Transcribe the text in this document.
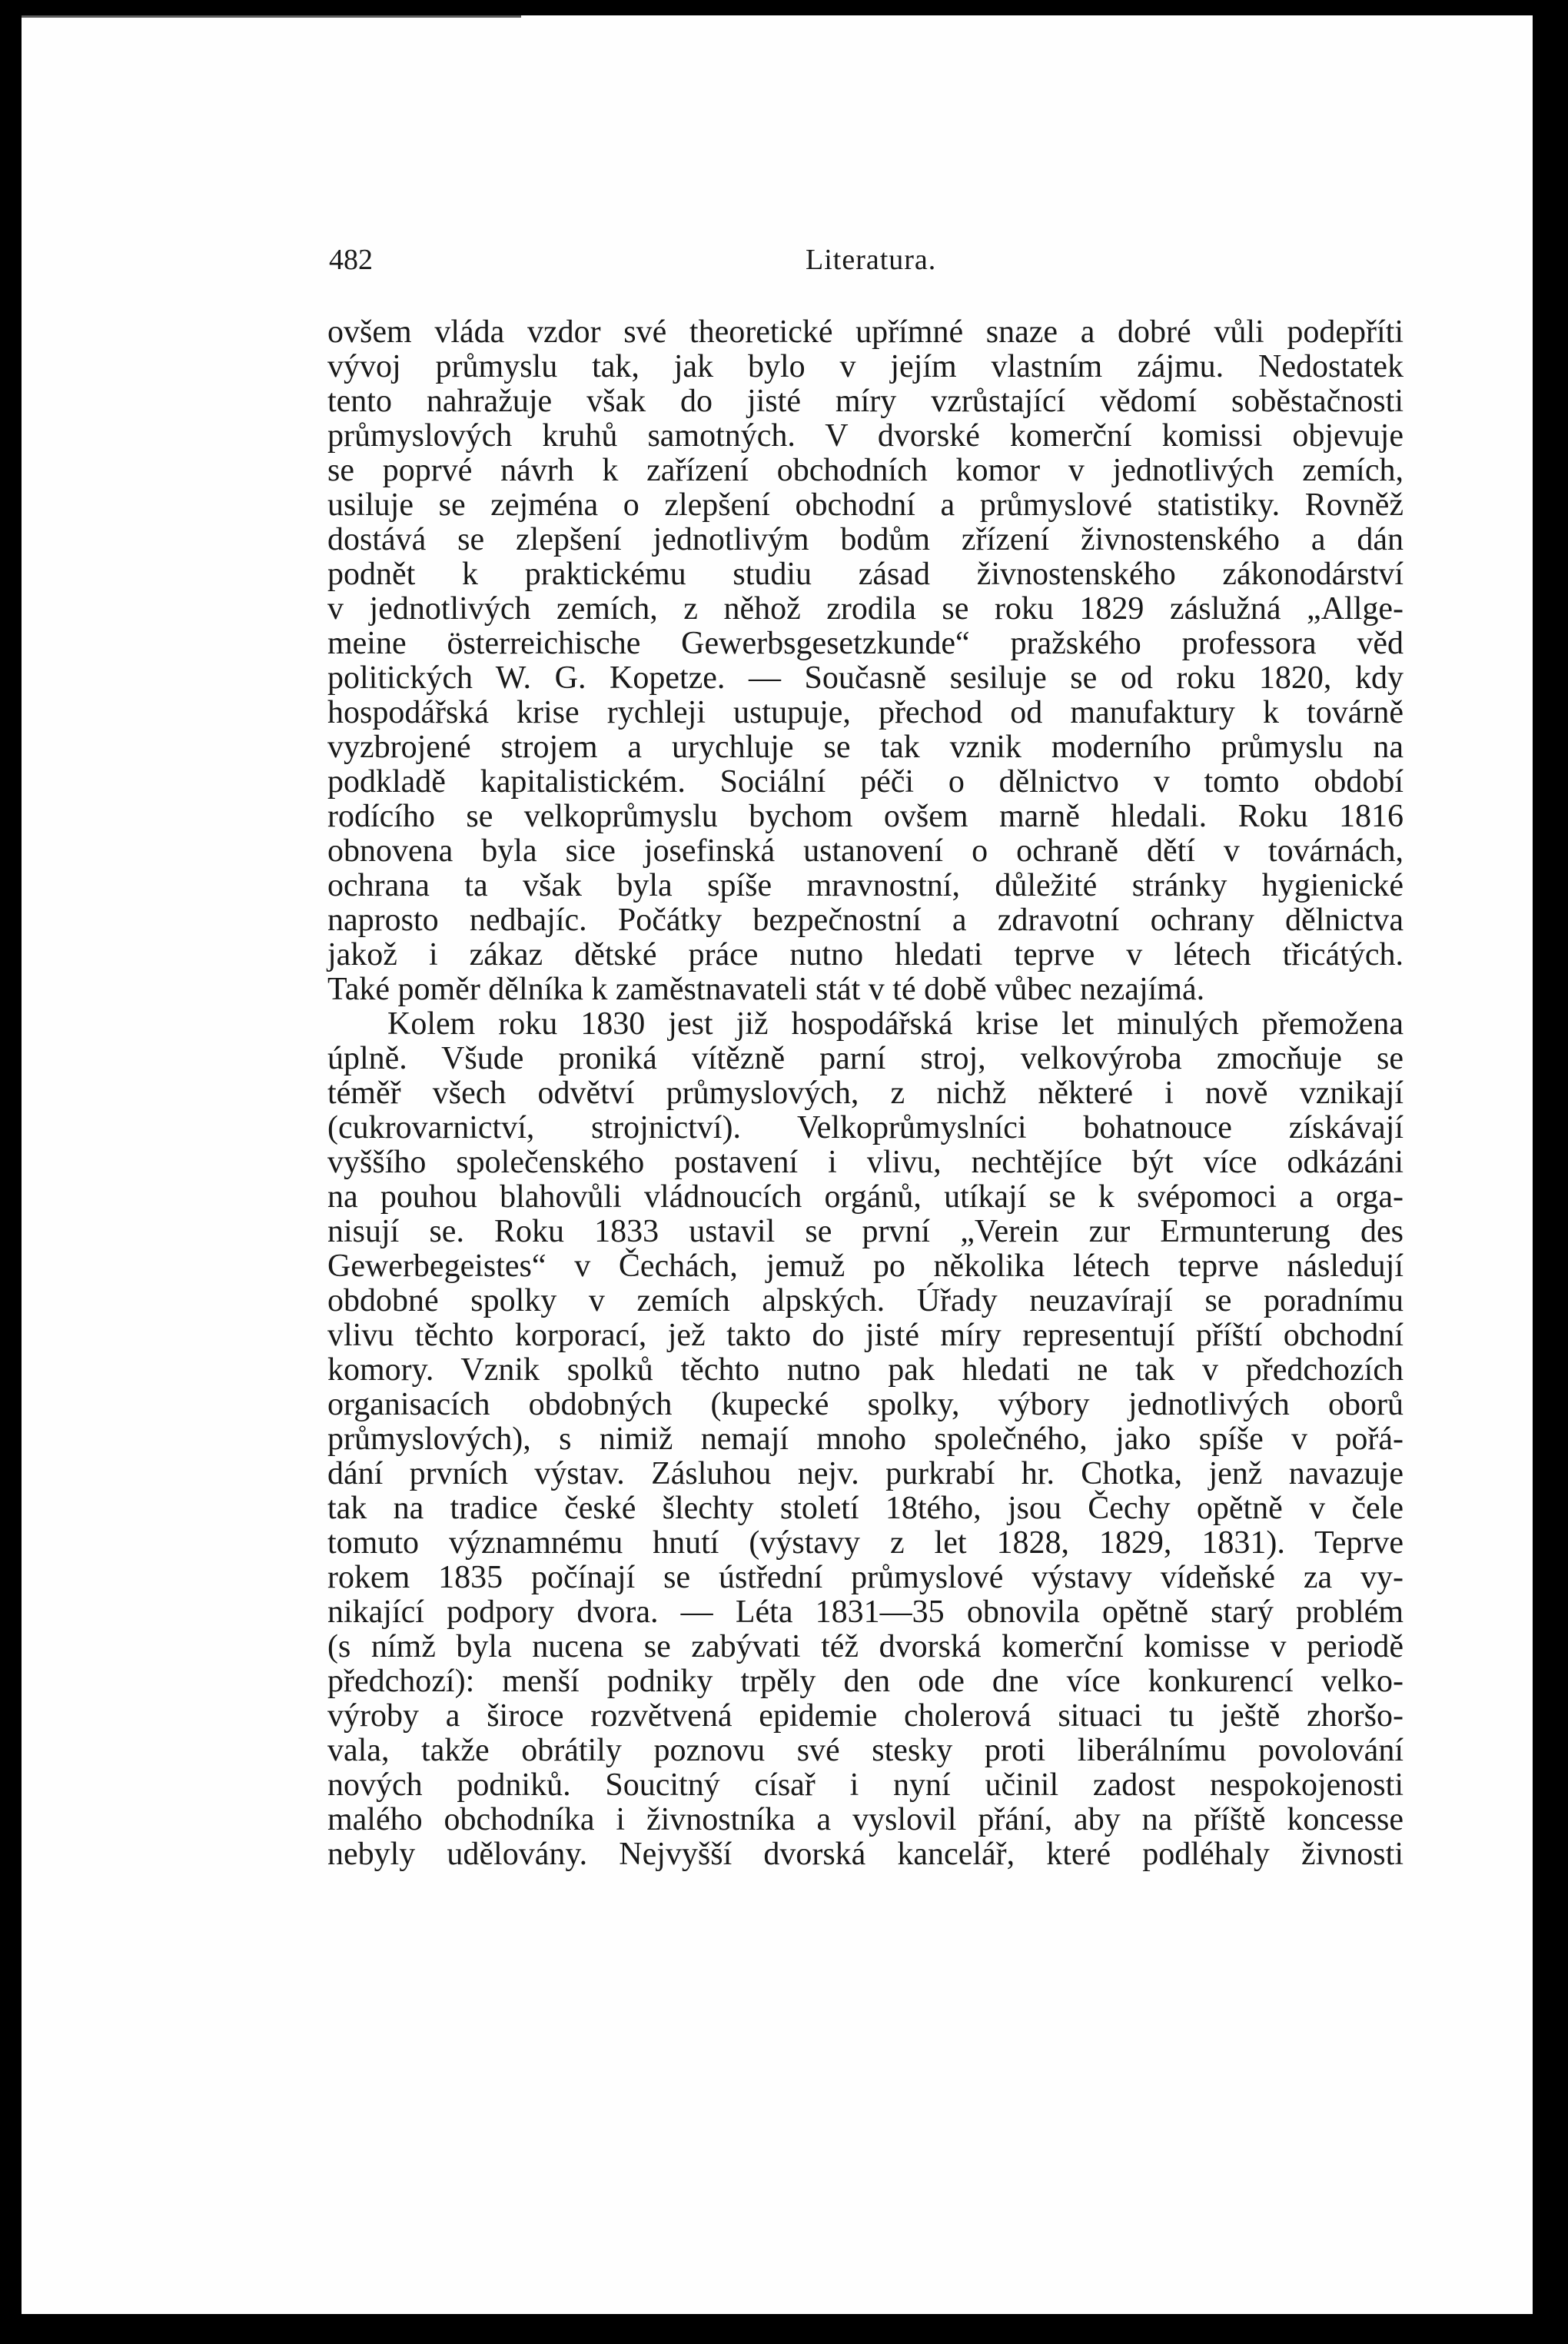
482	Literatura.
ovšem vláda vzdor své theoretické upřímné snaze a dobré vůli podepříti
vývoj průmyslu tak, jak bylo v jejím vlastním zájmu. Nedostatek
tento nahražuje však do jisté míry vzrůstající vědomí soběstačnosti
průmyslových kruhů samotných. V dvorské komerční komissi objevuje
se poprvé návrh k zařízení obchodních komor v jednotlivých zemích,
usiluje se zejména o zlepšení obchodní a průmyslové statistiky. Rovněž
dostává se zlepšení jednotlivým bodům zřízení živnostenského a dán
podnět k praktickému studiu zásad živnostenského zákonodárství
v jednotlivých zemích, z něhož zrodila se roku 1829 záslužná „Allge-
meine österreichische Gewerbsgesetzkunde“ pražského professora věd
politických W. G. Kopetze. — Současně sesiluje se od roku 1820, kdy
hospodářská krise rychleji ustupuje, přechod od manufaktury k továrně
vyzbrojené strojem a urychluje se tak vznik moderního průmyslu na
podkladě kapitalistickém. Sociální péči o dělnictvo v tomto období
rodícího se velkoprůmyslu bychom ovšem marně hledali. Roku 1816
obnovena byla sice josefinská ustanovení o ochraně dětí v továrnách,
ochrana ta však byla spíše mravnostní, důležité stránky hygienické
naprosto nedbajíc. Počátky bezpečnostní a zdravotní ochrany dělnictva
jakož i zákaz dětské práce nutno hledati teprve v létech třicátých.
Také poměr dělníka k zaměstnavateli stát v té době vůbec nezajímá.
Kolem roku 1830 jest již hospodářská krise let minulých přemožena
úplně. Všude proniká vítězně parní stroj, velkovýroba zmocňuje se
téměř všech odvětví průmyslových, z nichž některé i nově vznikají
(cukrovarnictví, strojnictví). Velkoprůmyslníci bohatnouce získávají
vyššího společenského postavení i vlivu, nechtějíce být více odkázáni
na pouhou blahovůli vládnoucích orgánů, utíkají se k svépomoci a orga-
nisují se. Roku 1833 ustavil se první „Verein zur Ermunterung des
Gewerbegeistes“ v Čechách, jemuž po několika létech teprve následují
obdobné spolky v zemích alpských. Úřady neuzavírají se poradnímu
vlivu těchto korporací, jež takto do jisté míry representují příští obchodní
komory. Vznik spolků těchto nutno pak hledati ne tak v předchozích
organisacích obdobných (kupecké spolky, výbory jednotlivých oborů
průmyslových), s nimiž nemají mnoho společného, jako spíše v pořá-
dání prvních výstav. Zásluhou nejv. purkrabí hr. Chotka, jenž navazuje
tak na tradice české šlechty století 18tého, jsou Čechy opětně v čele
tomuto významnému hnutí (výstavy z let 1828, 1829, 1831). Teprve
rokem 1835 počínají se ústřední průmyslové výstavy vídeňské za vy-
nikající podpory dvora. — Léta 1831—35 obnovila opětně starý problém
(s nímž byla nucena se zabývati též dvorská komerční komisse v periodě
předchozí): menší podniky trpěly den ode dne více konkurencí velko-
výroby a široce rozvětvená epidemie cholerová situaci tu ještě zhoršo-
vala, takže obrátily poznovu své stesky proti liberálnímu povolování
nových podniků. Soucitný císař i nyní učinil zadost nespokojenosti
malého obchodníka i živnostníka a vyslovil přání, aby na příště koncesse
nebyly udělovány. Nejvyšší dvorská kancelář, které podléhaly živnosti
